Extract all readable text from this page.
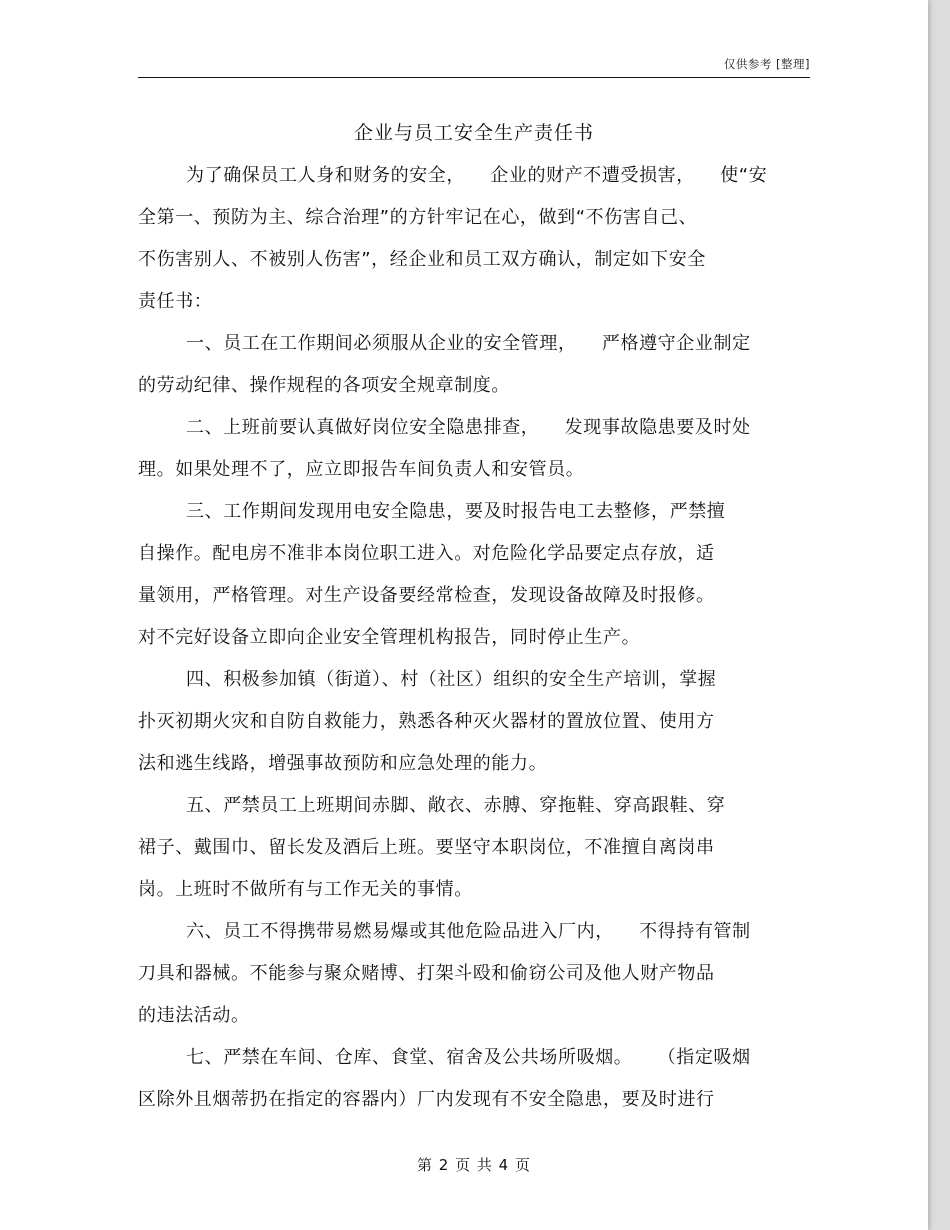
仅供参考 [整理]
企业与员工安全生产责任书
为了确保员工人身和财务的安全，    企业的财产不遭受损害，    使“安
全第一、预防为主、综合治理”的方针牢记在心，做到“不伤害自己、
不伤害别人、不被别人伤害”，经企业和员工双方确认，制定如下安全
责任书：
一、员工在工作期间必须服从企业的安全管理，    严格遵守企业制定
的劳动纪律、操作规程的各项安全规章制度。
二、上班前要认真做好岗位安全隐患排查，    发现事故隐患要及时处
理。如果处理不了，应立即报告车间负责人和安管员。
三、工作期间发现用电安全隐患，要及时报告电工去整修，严禁擅
自操作。配电房不准非本岗位职工进入。对危险化学品要定点存放，适
量领用，严格管理。对生产设备要经常检查，发现设备故障及时报修。
对不完好设备立即向企业安全管理机构报告，同时停止生产。
四、积极参加镇（街道）、村（社区）组织的安全生产培训，掌握
扑灭初期火灾和自防自救能力，熟悉各种灭火器材的置放位置、使用方
法和逃生线路，增强事故预防和应急处理的能力。
五、严禁员工上班期间赤脚、敞衣、赤膊、穿拖鞋、穿高跟鞋、穿
裙子、戴围巾、留长发及酒后上班。要坚守本职岗位，不准擅自离岗串
岗。上班时不做所有与工作无关的事情。
六、员工不得携带易燃易爆或其他危险品进入厂内，    不得持有管制
刀具和器械。不能参与聚众赌博、打架斗殴和偷窃公司及他人财产物品
的违法活动。
七、严禁在车间、仓库、食堂、宿舍及公共场所吸烟。    （指定吸烟
区除外且烟蒂扔在指定的容器内）厂内发现有不安全隐患，要及时进行
第 2 页 共 4 页
